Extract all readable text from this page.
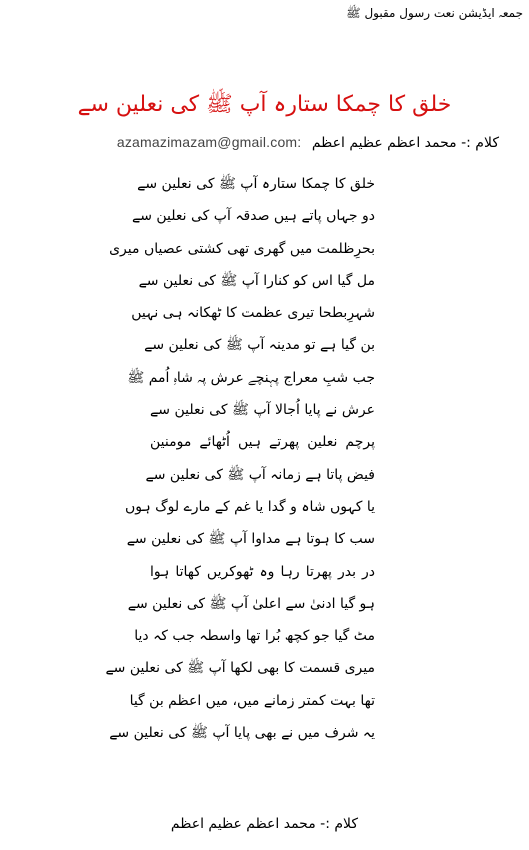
جمعہ ایڈیشن نعت رسول مقبول ﷺ
خلق کا چمکا ستارہ آپ ﷺ کی نعلین سے
azamazimazam@gmail.com: کلام :- محمد اعظم عظیم اعظم
خلق کا چمکا ستارہ آپ ﷺ کی نعلین سے
دو جہاں پاتے ہیں صدقہ آپ کی نعلین سے
بحرِظلمت میں گھری تھی کشتی عصیاں میری
مل گیا اس کو کنارا آپ ﷺ کی نعلین سے
شہرِبطحا تیری عظمت کا ٹھکانہ ہی نہیں
بن گیا ہے تو مدینہ آپ ﷺ کی نعلین سے
جب شبِ معراج پہنچے عرش پہ شاہِ اُمم ﷺ
عرش نے پایا اُجالا آپ ﷺ کی نعلین سے
پرچم نعلین پھرتے ہیں اُٹھائے مومنین
فیض پاتا ہے زمانہ آپ ﷺ کی نعلین سے
یا کہوں شاہ و گدا یا غم کے مارے لوگ ہوں
سب کا ہوتا ہے مداوا آپ ﷺ کی نعلین سے
در بدر پھرتا رہا وہ ٹھوکریں کھاتا ہوا
ہو گیا ادنیٰ سے اعلیٰ آپ ﷺ کی نعلین سے
مٹ گیا جو کچھ بُرا تھا واسطہ جب کہ دیا
میری قسمت کا بھی لکھا آپ ﷺ کی نعلین سے
تھا بہت کمتر زمانے میں، میں اعظم بن گیا
یہ شرف میں نے بھی پایا آپ ﷺ کی نعلین سے
کلام :- محمد اعظم عظیم اعظم
